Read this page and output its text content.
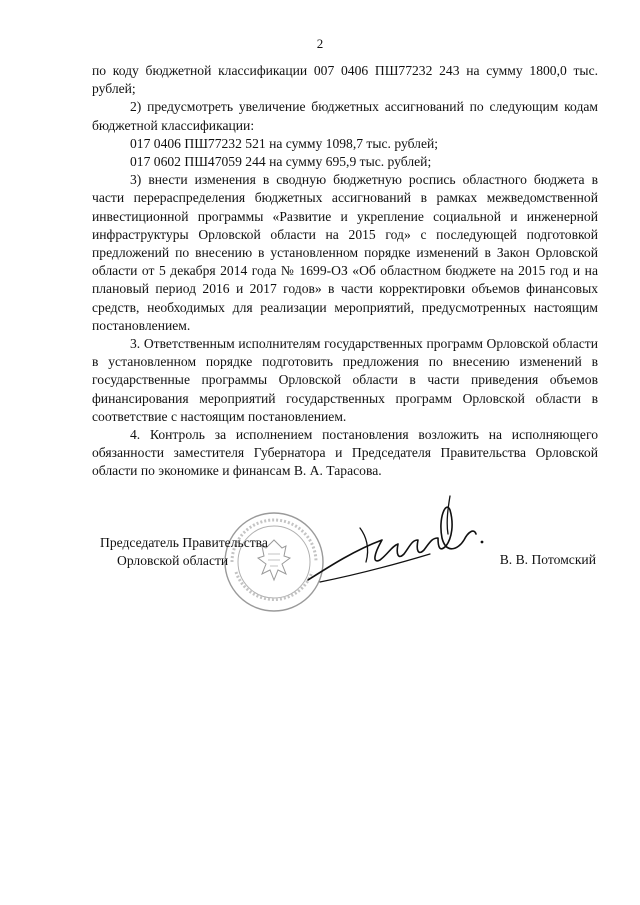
2

по коду бюджетной классификации 007 0406 ПШ77232 243 на сумму 1800,0 тыс. рублей;

2) предусмотреть увеличение бюджетных ассигнований по следующим кодам бюджетной классификации:

017 0406 ПШ77232 521 на сумму 1098,7 тыс. рублей;

017 0602 ПШ47059 244 на сумму 695,9 тыс. рублей;

3) внести изменения в сводную бюджетную роспись областного бюджета в части перераспределения бюджетных ассигнований в рамках межведомственной инвестиционной программы «Развитие и укрепление социальной и инженерной инфраструктуры Орловской области на 2015 год» с последующей подготовкой предложений по внесению в установленном порядке изменений в Закон Орловской области от 5 декабря 2014 года № 1699-ОЗ «Об областном бюджете на 2015 год и на плановый период 2016 и 2017 годов» в части корректировки объемов финансовых средств, необходимых для реализации мероприятий, предусмотренных настоящим постановлением.

3. Ответственным исполнителям государственных программ Орловской области в установленном порядке подготовить предложения по внесению изменений в государственные программы Орловской области в части приведения объемов финансирования мероприятий государственных программ Орловской области в соответствие с настоящим постановлением.

4. Контроль за исполнением постановления возложить на исполняющего обязанности заместителя Губернатора и Председателя Правительства Орловской области по экономике и финансам В. А. Тарасова.

Председатель Правительства
Орловской области	В. В. Потомский
